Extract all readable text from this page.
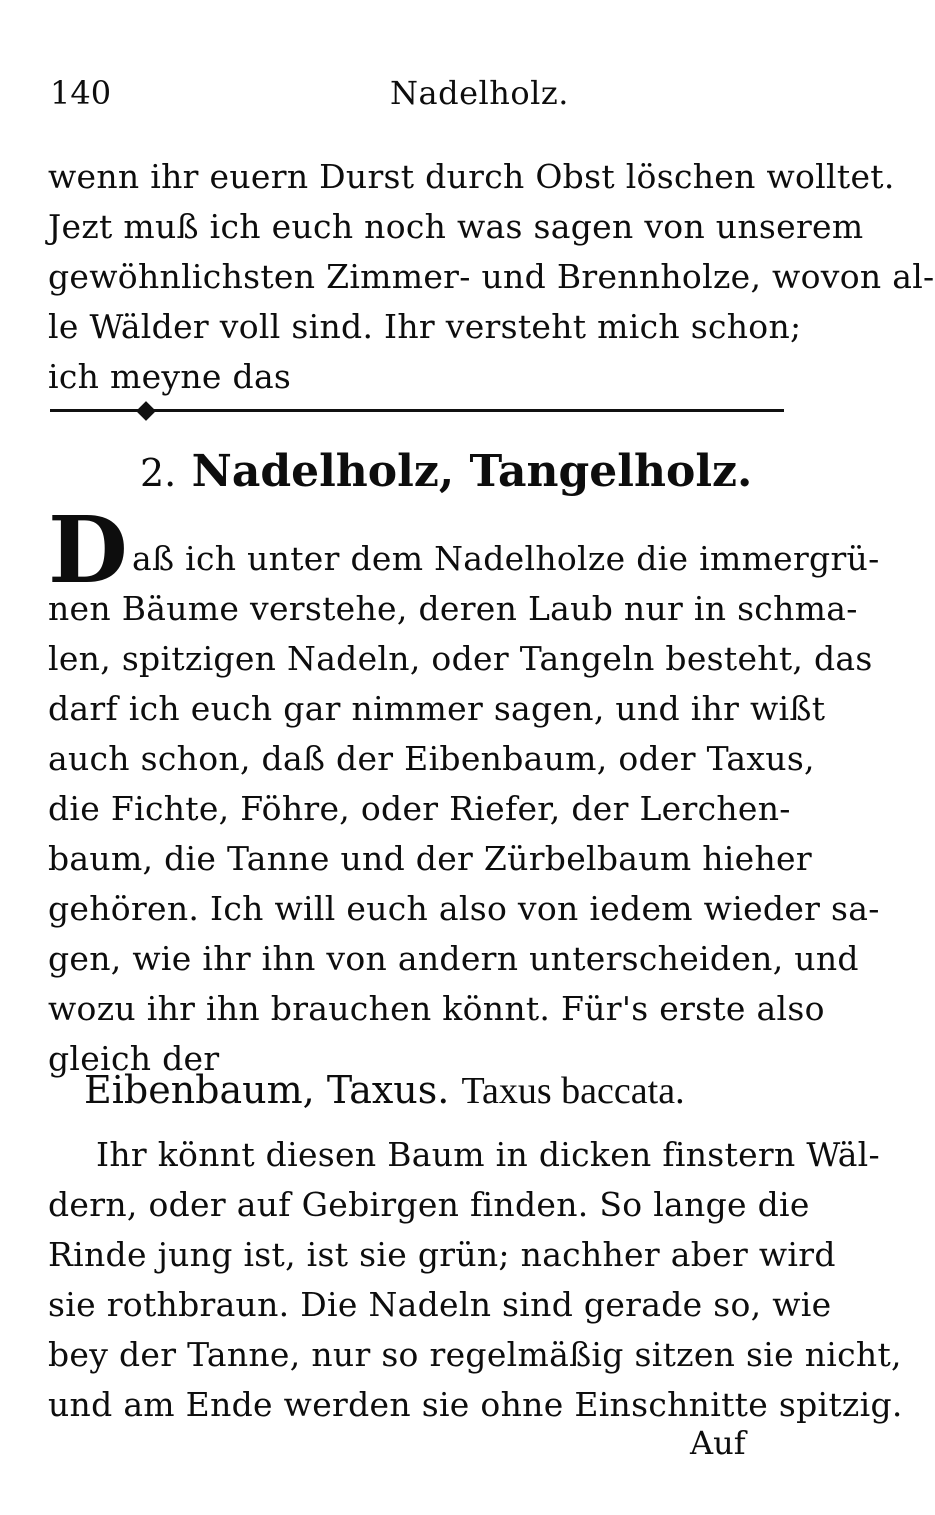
140	Nadelholz.
wenn ihr euern Durst durch Obst löschen wolltet.
Jezt muß ich euch noch was sagen von unserem
gewöhnlichsten Zimmer- und Brennholze, wovon al-
le Wälder voll sind. Ihr versteht mich schon;
ich meyne das
2. Nadelholz, Tangelholz.
D aß ich unter dem Nadelholze die immergrü-
nen Bäume verstehe, deren Laub nur in schma-
len, spitzigen Nadeln, oder Tangeln besteht, das
darf ich euch gar nimmer sagen, und ihr wißt
auch schon, daß der Eibenbaum, oder Taxus,
die Fichte, Föhre, oder Riefer, der Lerchen-
baum, die Tanne und der Zürbelbaum hieher
gehören. Ich will euch also von iedem wieder sa-
gen, wie ihr ihn von andern unterscheiden, und
wozu ihr ihn brauchen könnt. Für's erste also
gleich der
Eibenbaum, Taxus. Taxus baccata.
Ihr könnt diesen Baum in dicken finstern Wäl-
dern, oder auf Gebirgen finden. So lange die
Rinde jung ist, ist sie grün; nachher aber wird
sie rothbraun. Die Nadeln sind gerade so, wie
bey der Tanne, nur so regelmäßig sitzen sie nicht,
und am Ende werden sie ohne Einschnitte spitzig.
Auf
